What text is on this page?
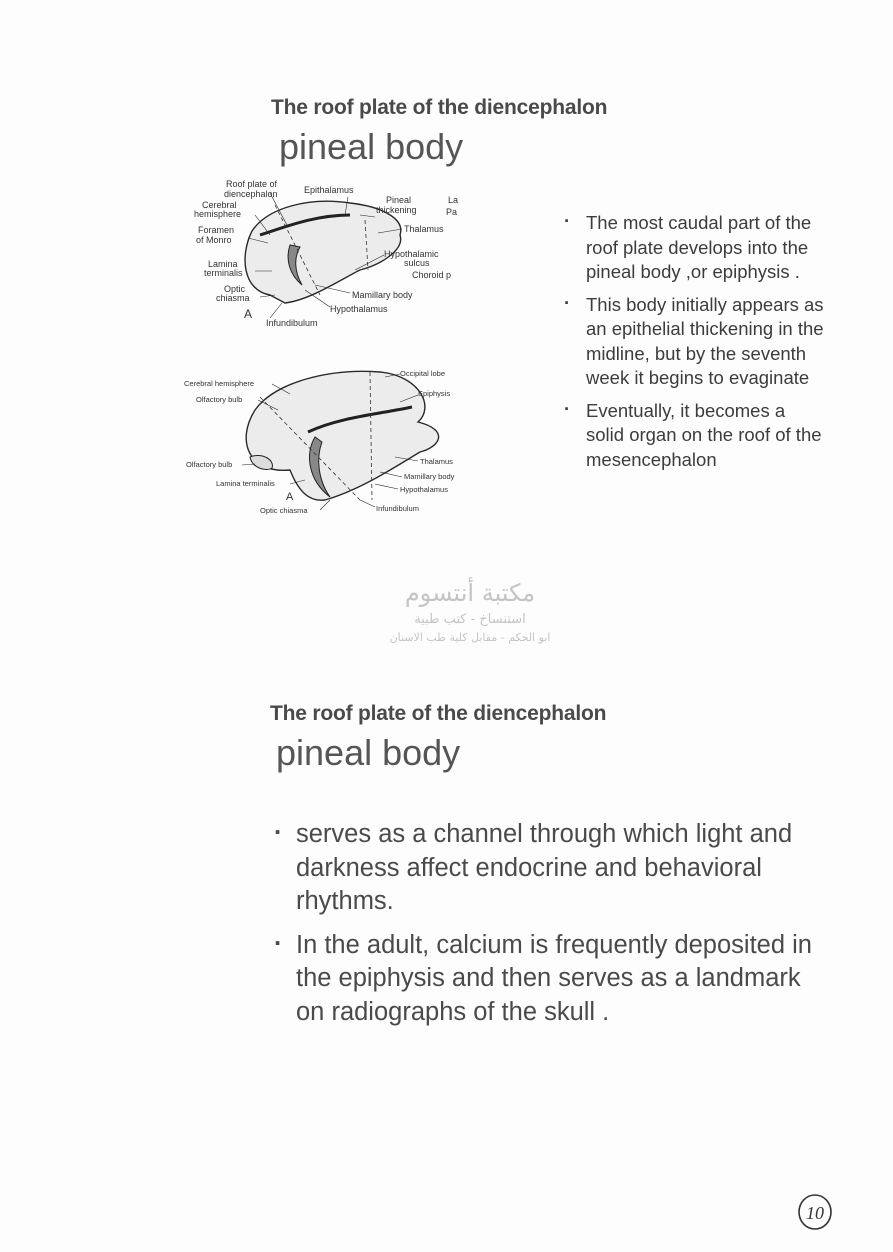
The roof plate of the diencephalon
pineal body
· The most caudal part of the roof plate develops into the pineal body ,or epiphysis .
· This body initially appears as an epithelial thickening in the midline, but by the seventh week it begins to evaginate
· Eventually, it becomes a solid organ on the roof of the mesencephalon
Roof plate of
diencephalon
Cerebral
hemisphere
Foramen
of Monro
Lamina
terminalis
Optic
chiasma
A
Infundibulum
Epithalamus
Pineal
thickening
La
Pa
Thalamus
Hypothalamic
sulcus
Choroid p
Mamillary body
Hypothalamus
Cerebral hemisphere
Olfactory bulb
Olfactory bulb
Lamina terminalis
A
Optic chiasma
Occipital lobe
Epiphysis
Thalamus
Mamillary body
Hypothalamus
Infundibulum
مكتبة أنتسوم
استنساخ - كتب طبية
ابو الحكم - مقابل كلية طب الاسنان
The roof plate of the diencephalon
pineal body
· serves as a channel through which light and darkness affect endocrine and behavioral rhythms.
· In the adult, calcium is frequently deposited in the epiphysis and then serves as a landmark on radiographs of the skull .
10
